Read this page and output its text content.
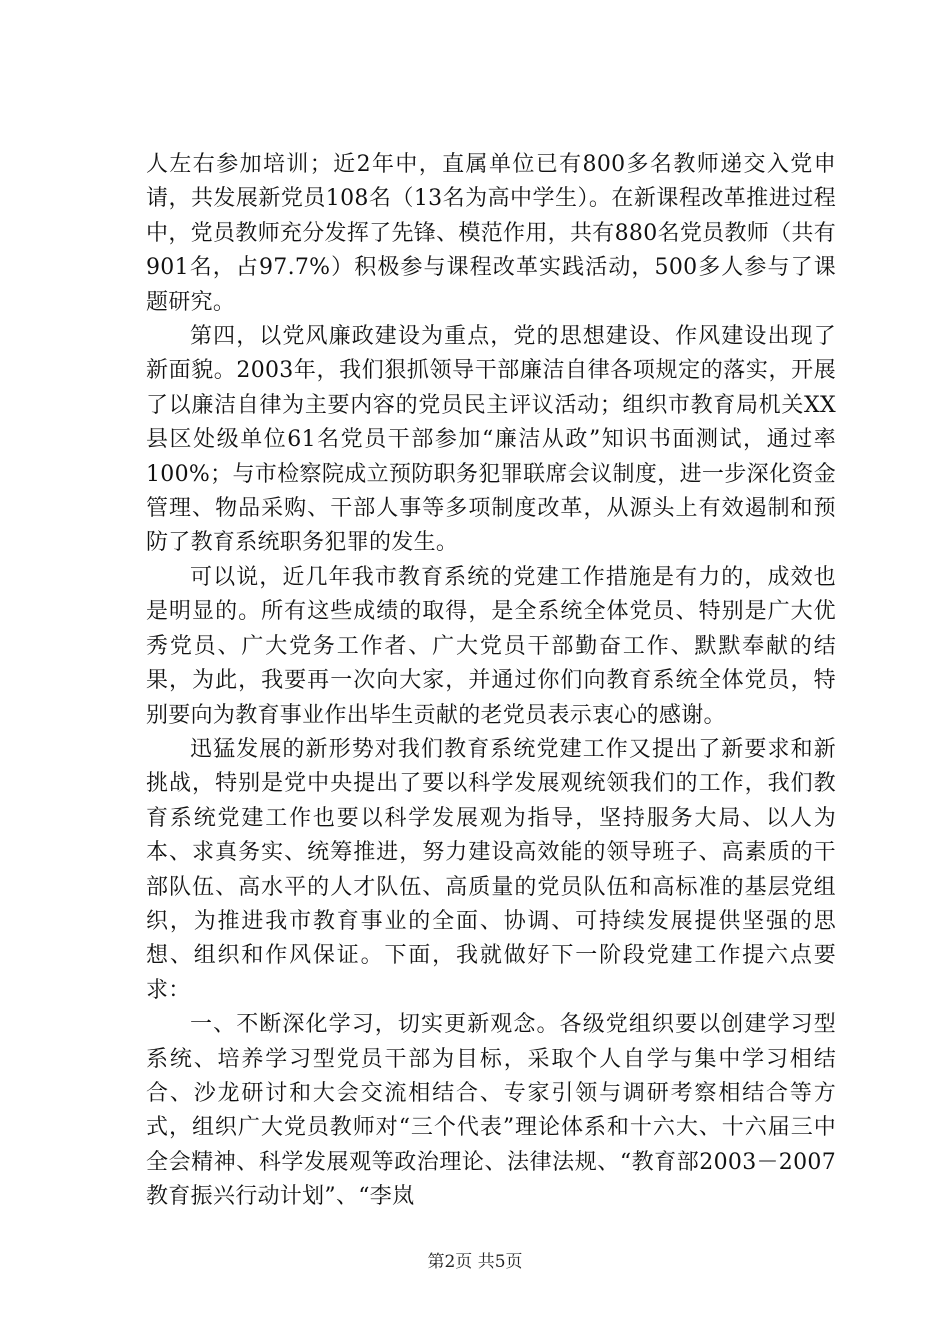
人左右参加培训；近2年中，直属单位已有800多名教师递交入党申请，共发展新党员108名（13名为高中学生）。在新课程改革推进过程中，党员教师充分发挥了先锋、模范作用，共有880名党员教师（共有901名，占97.7%）积极参与课程改革实践活动，500多人参与了课题研究。

第四，以党风廉政建设为重点，党的思想建设、作风建设出现了新面貌。2003年，我们狠抓领导干部廉洁自律各项规定的落实，开展了以廉洁自律为主要内容的党员民主评议活动；组织市教育局机关XX县区处级单位61名党员干部参加“廉洁从政”知识书面测试，通过率100%；与市检察院成立预防职务犯罪联席会议制度，进一步深化资金管理、物品采购、干部人事等多项制度改革，从源头上有效遏制和预防了教育系统职务犯罪的发生。

可以说，近几年我市教育系统的党建工作措施是有力的，成效也是明显的。所有这些成绩的取得，是全系统全体党员、特别是广大优秀党员、广大党务工作者、广大党员干部勤奋工作、默默奉献的结果，为此，我要再一次向大家，并通过你们向教育系统全体党员，特别要向为教育事业作出毕生贡献的老党员表示衷心的感谢。

迅猛发展的新形势对我们教育系统党建工作又提出了新要求和新挑战，特别是党中央提出了要以科学发展观统领我们的工作，我们教育系统党建工作也要以科学发展观为指导，坚持服务大局、以人为本、求真务实、统筹推进，努力建设高效能的领导班子、高素质的干部队伍、高水平的人才队伍、高质量的党员队伍和高标准的基层党组织，为推进我市教育事业的全面、协调、可持续发展提供坚强的思想、组织和作风保证。下面，我就做好下一阶段党建工作提六点要求：

一、不断深化学习，切实更新观念。各级党组织要以创建学习型系统、培养学习型党员干部为目标，采取个人自学与集中学习相结合、沙龙研讨和大会交流相结合、专家引领与调研考察相结合等方式，组织广大党员教师对“三个代表”理论体系和十六大、十六届三中全会精神、科学发展观等政治理论、法律法规、“教育部2003－2007教育振兴行动计划”、“李岚

第2页 共5页
